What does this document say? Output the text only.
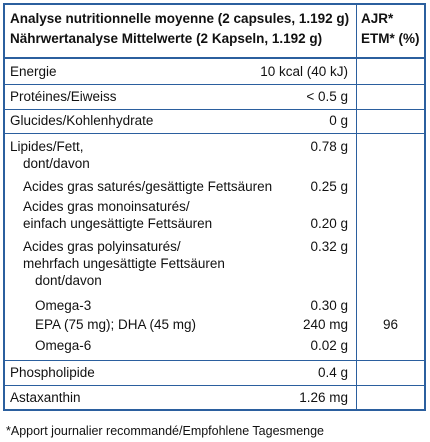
Analyse nutritionnelle moyenne (2 capsules, 1.192 g)
Nährwertanalyse Mittelwerte (2 Kapseln, 1.192 g)
AJR*
ETM* (%)
Energie	10 kcal (40 kJ)
Protéines/Eiweiss	< 0.5 g
Glucides/Kohlenhydrate	0 g
Lipides/Fett,	0.78 g
dont/davon
Acides gras saturés/gesättigte Fettsäuren	0.25 g
Acides gras monoinsaturés/
einfach ungesättigte Fettsäuren	0.20 g
Acides gras polyinsaturés/	0.32 g
mehrfach ungesättigte Fettsäuren
dont/davon
Omega-3	0.30 g
EPA (75 mg); DHA (45 mg)	240 mg	96
Omega-6	0.02 g
Phospholipide	0.4 g
Astaxanthin	1.26 mg
*Apport journalier recommandé/Empfohlene Tagesmenge
